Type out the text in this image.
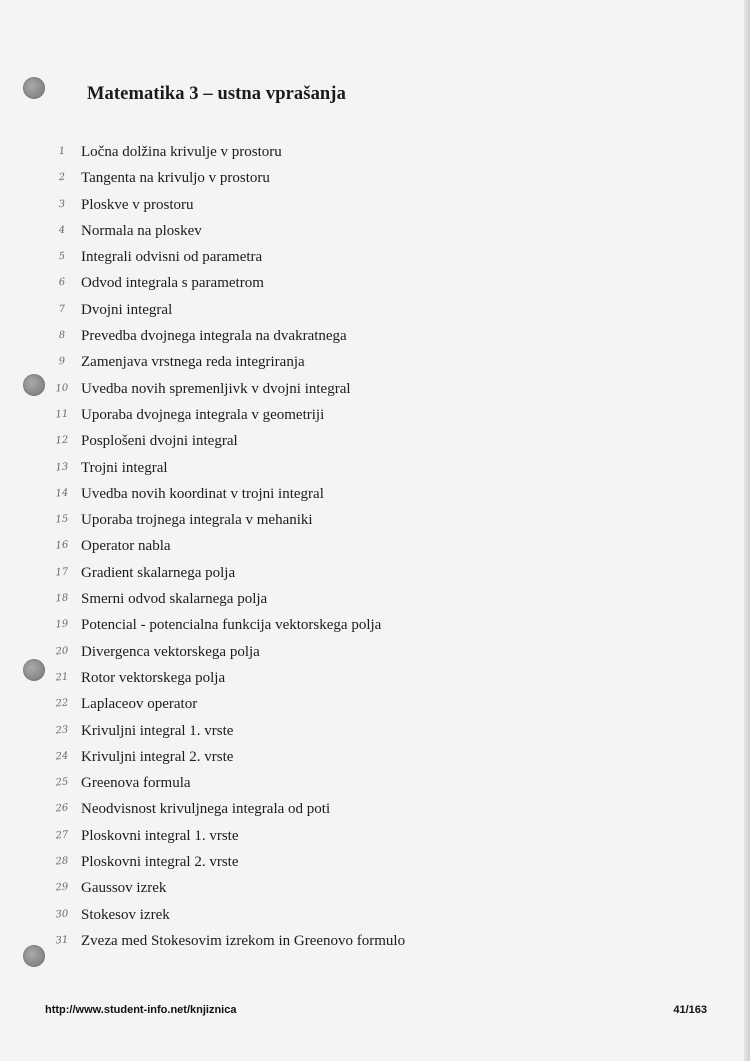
Matematika 3 – ustna vprašanja
1	Ločna dolžina krivulje v prostoru
2	Tangenta na krivuljo v prostoru
3	Ploskve v prostoru
4	Normala na ploskev
5	Integrali odvisni od parametra
6	Odvod integrala s parametrom
7	Dvojni integral
8	Prevedba dvojnega integrala na dvakratnega
9	Zamenjava vrstnega reda integriranja
10 Uvedba novih spremenljivk v dvojni integral
11 Uporaba dvojnega integrala v geometriji
12 Posplošeni dvojni integral
13 Trojni integral
14 Uvedba novih koordinat v trojni integral
15 Uporaba trojnega integrala v mehaniki
16 Operator nabla
17 Gradient skalarnega polja
18 Smerni odvod skalarnega polja
19 Potencial - potencialna funkcija vektorskega polja
20 Divergenca vektorskega polja
21 Rotor vektorskega polja
22 Laplaceov operator
23 Krivuljni integral 1. vrste
24 Krivuljni integral 2. vrste
25 Greenova formula
26 Neodvisnost krivuljnega integrala od poti
27 Ploskovni integral 1. vrste
28 Ploskovni integral 2. vrste
29 Gaussov izrek
30 Stokesov izrek
31 Zveza med Stokesovim izrekom in Greenovo formulo
http://www.student-info.net/knjiznica	41/163
